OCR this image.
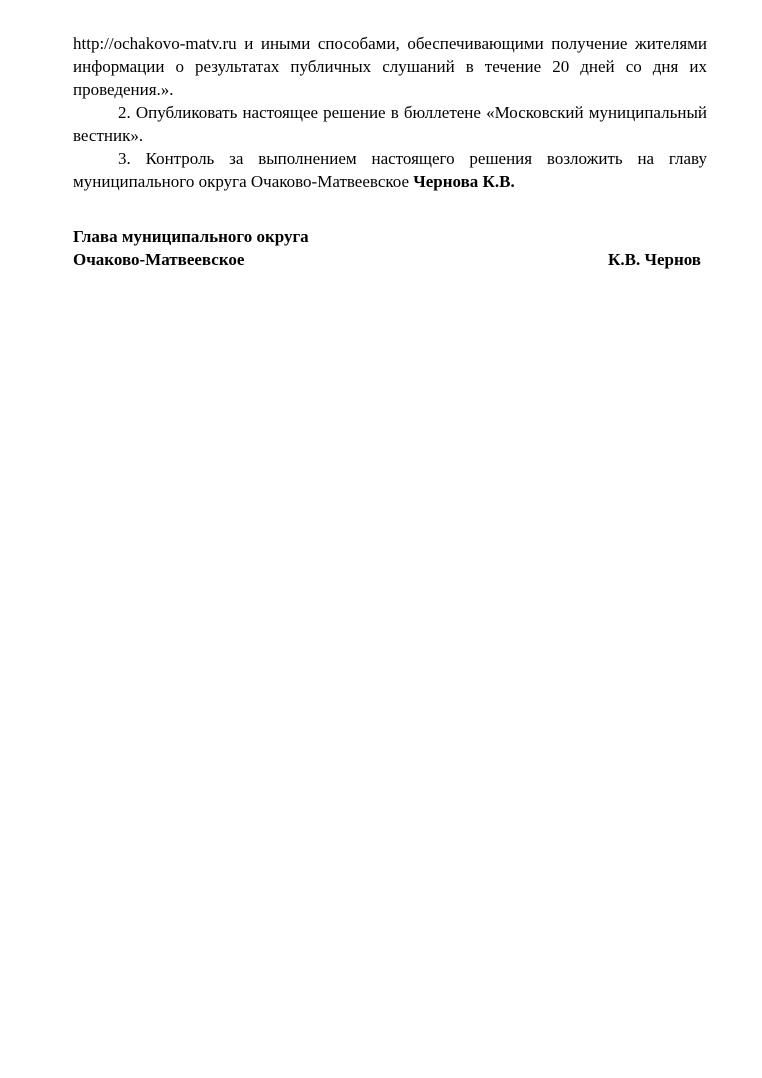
http://ochakovo-matv.ru и иными способами, обеспечивающими получение жителями информации о результатах публичных слушаний в течение 20 дней со дня их проведения.».

2. Опубликовать настоящее решение в бюллетене «Московский муниципальный вестник».

3. Контроль за выполнением настоящего решения возложить на главу муниципального округа Очаково-Матвеевское Чернова К.В.

Глава муниципального округа
Очаково-Матвеевское	К.В. Чернов
